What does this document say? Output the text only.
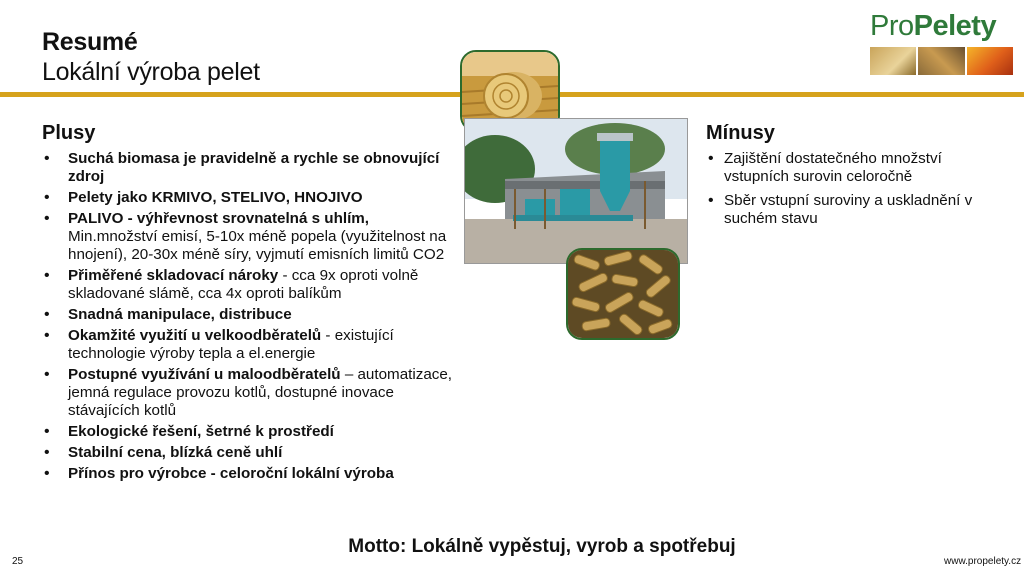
Resumé
Lokální výroba pelet
ProPelety
Plusy
• Suchá biomasa je pravidelně a rychle se obnovující zdroj
• Pelety jako KRMIVO, STELIVO, HNOJIVO
• PALIVO - výhřevnost srovnatelná s uhlím, Min.množství emisí, 5-10x méně popela (využitelnost na hnojení), 20-30x méně síry, vyjmutí emisních limitů CO2
• Přiměřené skladovací nároky - cca 9x oproti volně skladované slámě, cca 4x oproti balíkům
• Snadná manipulace, distribuce
• Okamžité využití u velkoodběratelů - existující technologie výroby tepla a el.energie
• Postupné využívání u maloodběratelů – automatizace, jemná regulace provozu kotlů, dostupné inovace stávajících kotlů
• Ekologické řešení, šetrné k prostředí
• Stabilní cena, blízká ceně uhlí
• Přínos pro výrobce - celoroční lokální výroba
Mínusy
• Zajištění dostatečného množství vstupních surovin celoročně
• Sběr vstupní suroviny a uskladnění v suchém stavu
Motto: Lokálně vypěstuj, vyrob a spotřebuj
25	www.propelety.cz
